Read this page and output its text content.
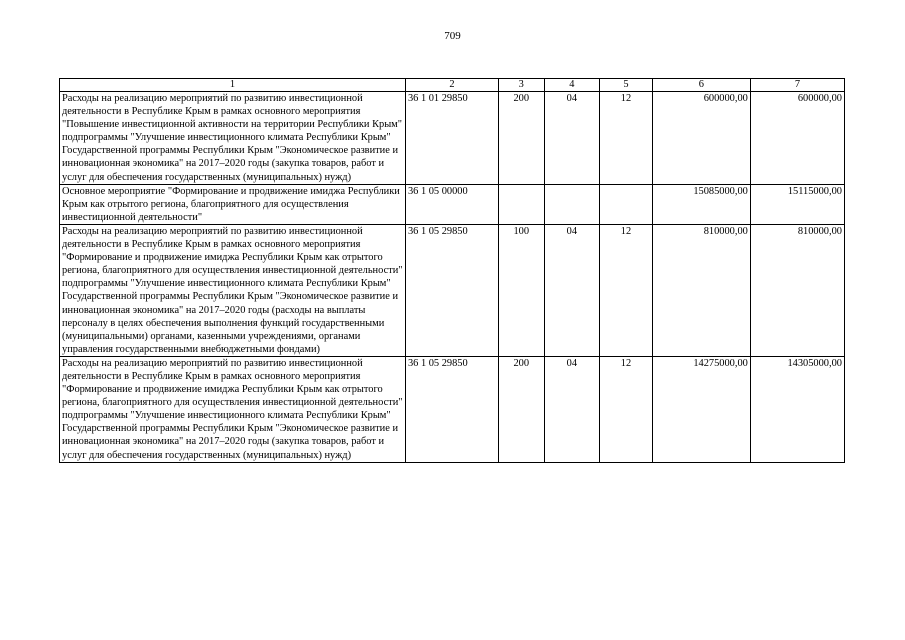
709
1	2	3	4	5	6	7
Расходы на реализацию мероприятий по развитию инвестиционной деятельности в Республике Крым в рамках основного мероприятия "Повышение инвестиционной активности на территории Республики Крым" подпрограммы "Улучшение инвестиционного климата Республики Крым" Государственной программы Республики Крым "Экономическое развитие и инновационная экономика" на 2017–2020 годы (закупка товаров, работ и услуг для обеспечения государственных (муниципальных) нужд)	36 1 01 29850	200	04	12	600000,00	600000,00
Основное мероприятие "Формирование и продвижение имиджа Республики Крым как отрытого региона, благоприятного для осуществления инвестиционной деятельности"	36 1 05 00000				15085000,00	15115000,00
Расходы на реализацию мероприятий по развитию инвестиционной деятельности в Республике Крым в рамках основного мероприятия "Формирование и продвижение имиджа Республики Крым как отрытого региона, благоприятного для осуществления инвестиционной деятельности" подпрограммы "Улучшение инвестиционного климата Республики Крым" Государственной программы Республики Крым "Экономическое развитие и инновационная экономика" на 2017–2020 годы (расходы на выплаты персоналу в целях обеспечения выполнения функций государственными (муниципальными) органами, казенными учреждениями, органами управления государственными внебюджетными фондами)	36 1 05 29850	100	04	12	810000,00	810000,00
Расходы на реализацию мероприятий по развитию инвестиционной деятельности в Республике Крым в рамках основного мероприятия "Формирование и продвижение имиджа Республики Крым как отрытого региона, благоприятного для осуществления инвестиционной деятельности" подпрограммы "Улучшение инвестиционного климата Республики Крым" Государственной программы Республики Крым "Экономическое развитие и инновационная экономика" на 2017–2020 годы (закупка товаров, работ и услуг для обеспечения государственных (муниципальных) нужд)	36 1 05 29850	200	04	12	14275000,00	14305000,00
